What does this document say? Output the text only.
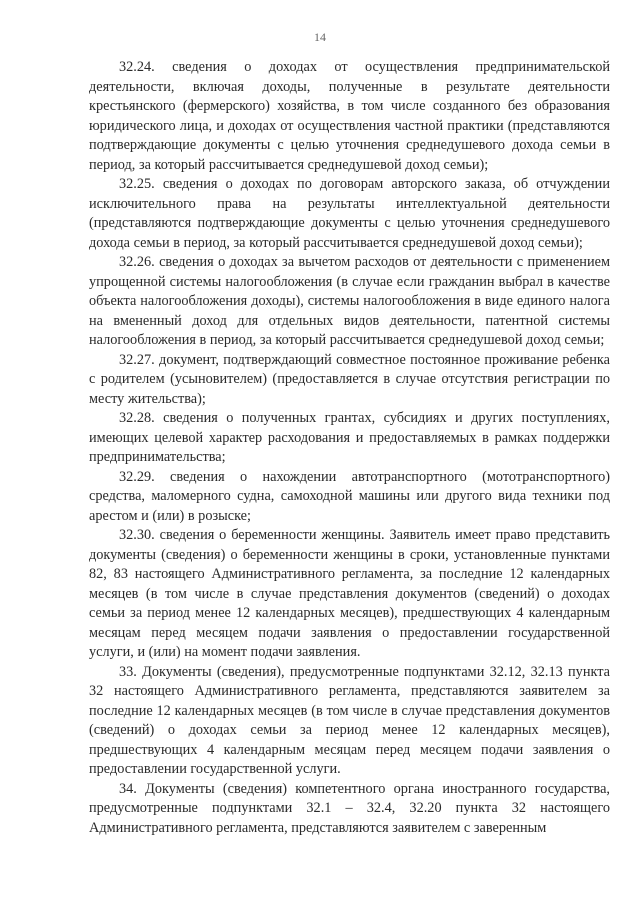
14

32.24. сведения о доходах от осуществления предпринимательской деятельности, включая доходы, полученные в результате деятельности крестьянского (фермерского) хозяйства, в том числе созданного без образования юридического лица, и доходах от осуществления частной практики (представляются подтверждающие документы с целью уточнения среднедушевого дохода семьи в период, за который рассчитывается среднедушевой доход семьи);

32.25. сведения о доходах по договорам авторского заказа, об отчуждении исключительного права на результаты интеллектуальной деятельности (представляются подтверждающие документы с целью уточнения среднедушевого дохода семьи в период, за который рассчитывается среднедушевой доход семьи);

32.26. сведения о доходах за вычетом расходов от деятельности с применением упрощенной системы налогообложения (в случае если гражданин выбрал в качестве объекта налогообложения доходы), системы налогообложения в виде единого налога на вмененный доход для отдельных видов деятельности, патентной системы налогообложения в период, за который рассчитывается среднедушевой доход семьи;

32.27. документ, подтверждающий совместное постоянное проживание ребенка с родителем (усыновителем) (предоставляется в случае отсутствия регистрации по месту жительства);

32.28. сведения о полученных грантах, субсидиях и других поступлениях, имеющих целевой характер расходования и предоставляемых в рамках поддержки предпринимательства;

32.29. сведения о нахождении автотранспортного (мототранспортного) средства, маломерного судна, самоходной машины или другого вида техники под арестом и (или) в розыске;

32.30. сведения о беременности женщины. Заявитель имеет право представить документы (сведения) о беременности женщины в сроки, установленные пунктами 82, 83 настоящего Административного регламента, за последние 12 календарных месяцев (в том числе в случае представления документов (сведений) о доходах семьи за период менее 12 календарных месяцев), предшествующих 4 календарным месяцам перед месяцем подачи заявления о предоставлении государственной услуги, и (или) на момент подачи заявления.

33. Документы (сведения), предусмотренные подпунктами 32.12, 32.13 пункта 32 настоящего Административного регламента, представляются заявителем за последние 12 календарных месяцев (в том числе в случае представления документов (сведений) о доходах семьи за период менее 12 календарных месяцев), предшествующих 4 календарным месяцам перед месяцем подачи заявления о предоставлении государственной услуги.

34. Документы (сведения) компетентного органа иностранного государства, предусмотренные подпунктами 32.1 – 32.4, 32.20 пункта 32 настоящего Административного регламента, представляются заявителем с заверенным
